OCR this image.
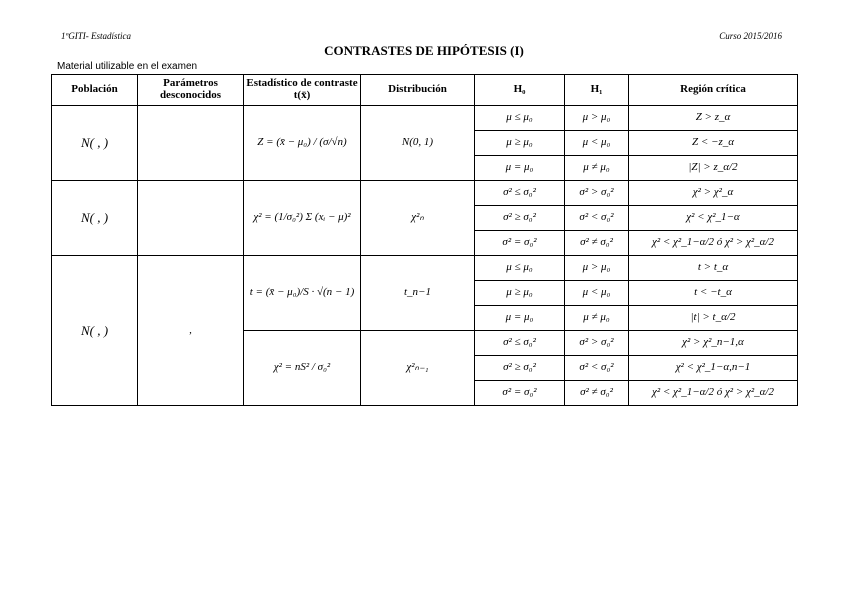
1ºGITI- Estadística	Curso 2015/2016
CONTRASTES DE HIPÓTESIS (I)
Material utilizable en el examen
Población	Parámetros desconocidos	Estadístico de contraste t(x̄)	Distribución	H₀	H₁	Región crítica
N( , )		Z = (x̄ − μ₀) / (σ/√n)	N(0, 1)	μ ≤ μ₀	μ > μ₀	Z > z_α
				μ ≥ μ₀	μ < μ₀	Z < −z_α
				μ = μ₀	μ ≠ μ₀	|Z| > z_α/2
N( , )		χ² = (1/σ₀²) Σ (xᵢ − μ)²	χ²ₙ	σ² ≤ σ₀²	σ² > σ₀²	χ² > χ²_α
				σ² ≥ σ₀²	σ² < σ₀²	χ² < χ²_1−α
				σ² = σ₀²	σ² ≠ σ₀²	χ² < χ²_1−α/2 ó χ² > χ²_α/2
N( , )	,	t = (x̄ − μ₀)/S · √(n − 1)	t_n−1	μ ≤ μ₀	μ > μ₀	t > t_α
				μ ≥ μ₀	μ < μ₀	t < −t_α
				μ = μ₀	μ ≠ μ₀	|t| > t_α/2
		χ² = nS² / σ₀²	χ²ₙ₋₁	σ² ≤ σ₀²	σ² > σ₀²	χ² > χ²_n−1,α
				σ² ≥ σ₀²	σ² < σ₀²	χ² < χ²_1−α,n−1
				σ² = σ₀²	σ² ≠ σ₀²	χ² < χ²_1−α/2 ó χ² > χ²_α/2
